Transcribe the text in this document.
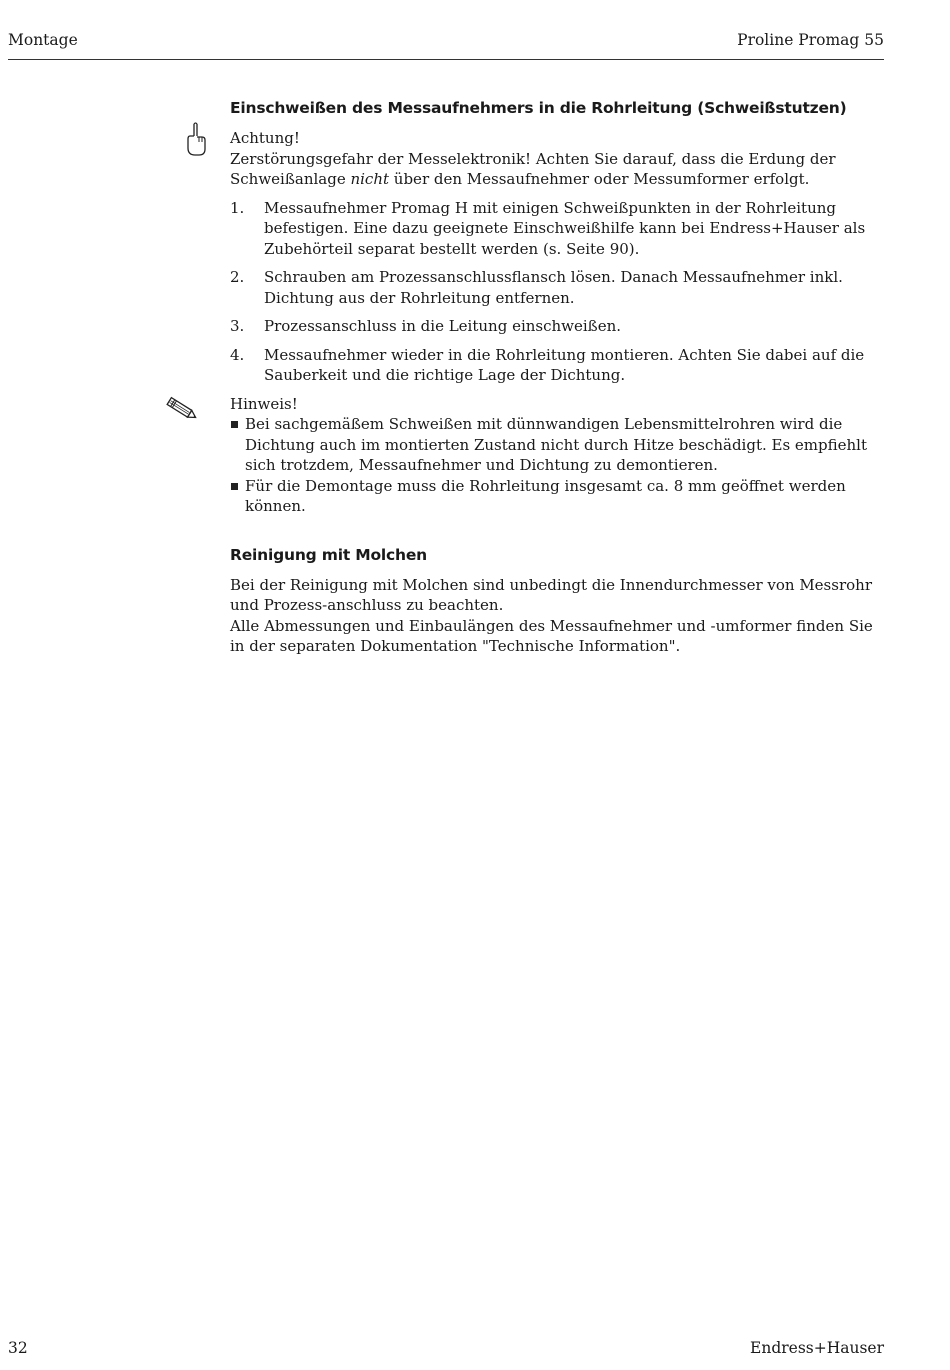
Montage	Proline Promag 55
Einschweißen des Messaufnehmers in die Rohrleitung (Schweißstutzen)

Achtung!

Zerstörungsgefahr der Messelektronik! Achten Sie darauf, dass die Erdung der Schweißanlage nicht über den Messaufnehmer oder Messumformer erfolgt.

1. Messaufnehmer Promag H mit einigen Schweißpunkten in der Rohrleitung befestigen. Eine dazu geeignete Einschweißhilfe kann bei Endress+Hauser als Zubehörteil separat bestellt werden (s. Seite 90).
2. Schrauben am Prozessanschlussflansch lösen. Danach Messaufnehmer inkl. Dichtung aus der Rohrleitung entfernen.
3. Prozessanschluss in die Leitung einschweißen.
4. Messaufnehmer wieder in die Rohrleitung montieren. Achten Sie dabei auf die Sauberkeit und die richtige Lage der Dichtung.

Hinweis!

Bei sachgemäßem Schweißen mit dünnwandigen Lebensmittelrohren wird die Dichtung auch im montierten Zustand nicht durch Hitze beschädigt. Es empfiehlt sich trotzdem, Messaufnehmer und Dichtung zu demontieren.
Für die Demontage muss die Rohrleitung insgesamt ca. 8 mm geöffnet werden können.
Reinigung mit Molchen

Bei der Reinigung mit Molchen sind unbedingt die Innendurchmesser von Messrohr und Prozess-anschluss zu beachten.

Alle Abmessungen und Einbaulängen des Messaufnehmer und -umformer finden Sie in der separaten Dokumentation "Technische Information".

32	Endress+Hauser
